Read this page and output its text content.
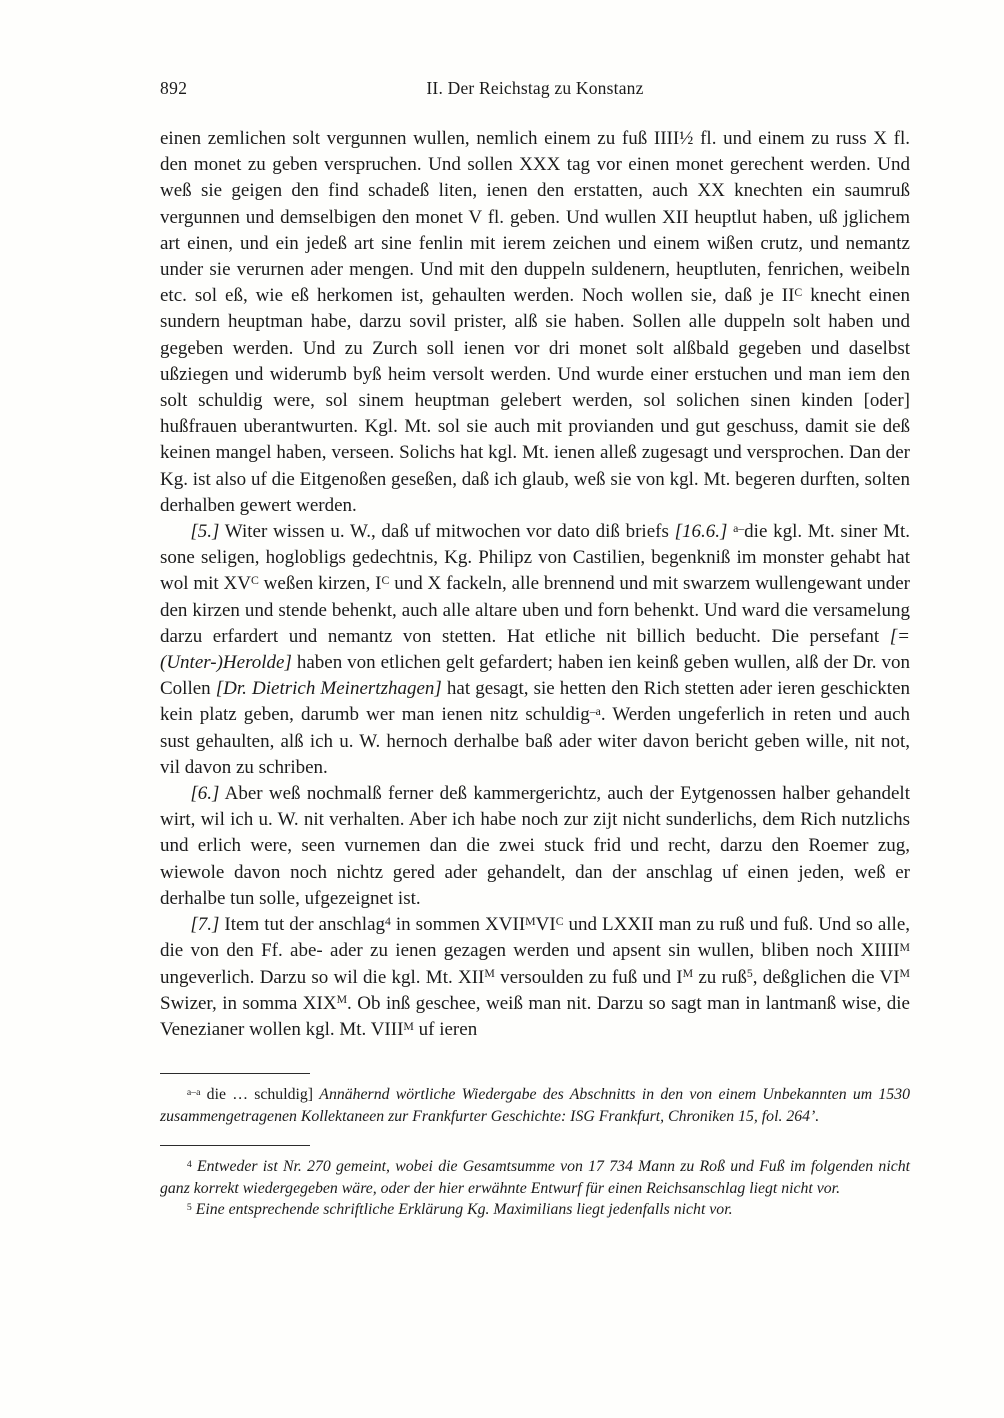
892	II. Der Reichstag zu Konstanz

einen zemlichen solt vergunnen wullen, nemlich einem zu fuß IIII½ fl. und einem zu russ X fl. den monet zu geben verspruchen. Und sollen XXX tag vor einen monet gerechent werden. Und weß sie geigen den find schadeß liten, ienen den erstatten, auch XX knechten ein saumruß vergunnen und demselbigen den monet V fl. geben. Und wullen XII heuptlut haben, uß jglichem art einen, und ein jedeß art sine fenlin mit ierem zeichen und einem wißen crutz, und nemantz under sie verurnen ader mengen. Und mit den duppeln suldenern, heuptluten, fenrichen, weibeln etc. sol eß, wie eß herkomen ist, gehaulten werden. Noch wollen sie, daß je $II^C$ knecht einen sundern heuptman habe, darzu sovil prister, alß sie haben. Sollen alle duppeln solt haben und gegeben werden. Und zu Zurch soll ienen vor dri monet solt alßbald gegeben und daselbst ußziegen und widerumb byß heim versolt werden. Und wurde einer erstuchen und man iem den solt schuldig were, sol sinem heuptman gelebert werden, sol solichen sinen kinden [oder] hußfrauen uberantwurten. Kgl. Mt. sol sie auch mit provianden und gut geschuss, damit sie deß keinen mangel haben, verseen. Solichs hat kgl. Mt. ienen alleß zugesagt und versprochen. Dan der Kg. ist also uf die Eitgenoßen geseßen, daß ich glaub, weß sie von kgl. Mt. begeren durften, solten derhalben gewert werden.

[5.] Witer wissen u. W., daß uf mitwochen vor dato diß briefs [16.6.] $^{a-}$die kgl. Mt. siner Mt. sone seligen, hoglobligs gedechtnis, Kg. Philipz von Castilien, begenkniß im monster gehabt hat wol mit $XV^C$ weßen kirzen, $I^C$ und X fackeln, alle brennend und mit swarzem wullengewant under den kirzen und stende behenkt, auch alle altare uben und forn behenkt. Und ward die versamelung darzu erfardert und nemantz von stetten. Hat etliche nit billich beducht. Die persefant [= (Unter-)Herolde] haben von etlichen gelt gefardert; haben ien keinß geben wullen, alß der Dr. von Collen [Dr. Dietrich Meinertzhagen] hat gesagt, sie hetten den Rich stetten ader ieren geschickten kein platz geben, darumb wer man ienen nitz schuldig$^{-a}$. Werden ungeferlich in reten und auch sust gehaulten, alß ich u. W. hernoch derhalbe baß ader witer davon bericht geben wille, nit not, vil davon zu schriben.

[6.] Aber weß nochmalß ferner deß kammergerichtz, auch der Eytgenossen halber gehandelt wirt, wil ich u. W. nit verhalten. Aber ich habe noch zur zijt nicht sunderlichs, dem Rich nutzlichs und erlich were, seen vurnemen dan die zwei stuck frid und recht, darzu den Roemer zug, wiewole davon noch nichtz gered ader gehandelt, dan der anschlag uf einen jeden, weß er derhalbe tun solle, ufgezeignet ist.

[7.] Item tut der anschlag$^4$ in sommen $XVII^MVI^C$ und LXXII man zu ruß und fuß. Und so alle, die von den Ff. abe- ader zu ienen gezagen werden und apsent sin wullen, bliben noch $XIIII^M$ ungeverlich. Darzu so wil die kgl. Mt. $XII^M$ versoulden zu fuß und $I^M$ zu ruß$^5$, deßglichen die $VI^M$ Swizer, in somma $XIX^M$. Ob inß geschee, weiß man nit. Darzu so sagt man in lantmanß wise, die Venezianer wollen kgl. Mt. $VIII^M$ uf ieren

$^{a-a}$ die … schuldig] Annähernd wörtliche Wiedergabe des Abschnitts in den von einem Unbekannten um 1530 zusammengetragenen Kollektaneen zur Frankfurter Geschichte: ISG Frankfurt, Chroniken 15, fol. 264’.

$^4$ Entweder ist Nr. 270 gemeint, wobei die Gesamtsumme von 17 734 Mann zu Roß und Fuß im folgenden nicht ganz korrekt wiedergegeben wäre, oder der hier erwähnte Entwurf für einen Reichsanschlag liegt nicht vor.

$^5$ Eine entsprechende schriftliche Erklärung Kg. Maximilians liegt jedenfalls nicht vor.
